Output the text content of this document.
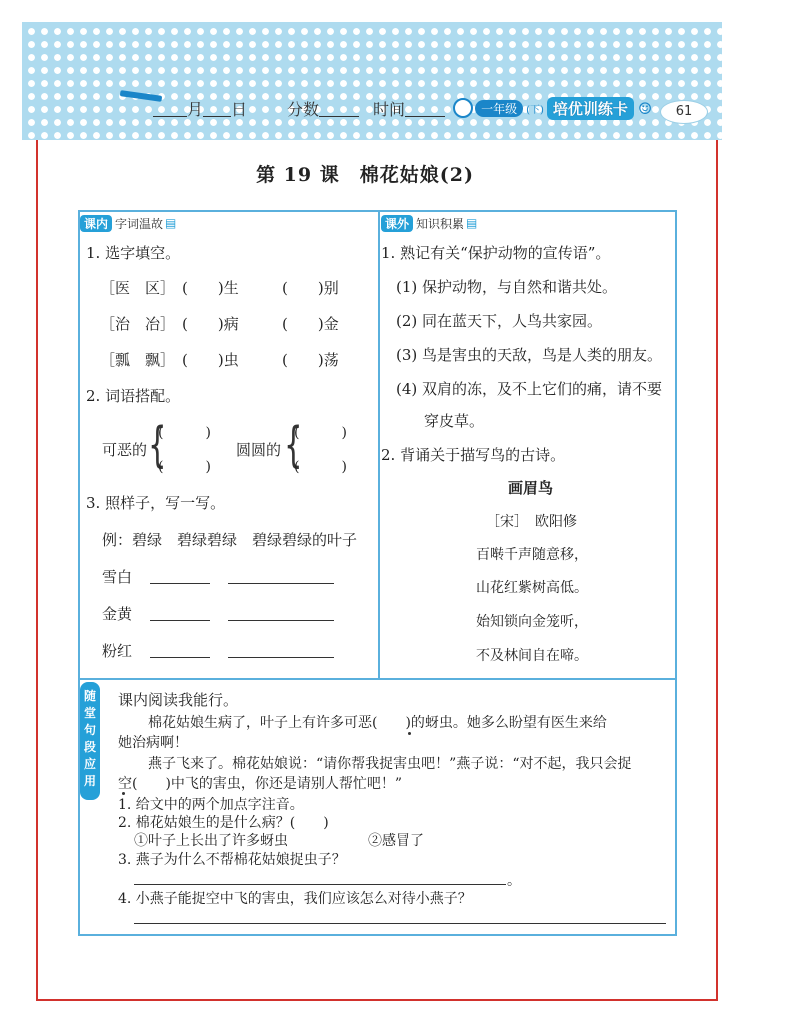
月 日	分数	时间	一年级 (下) 培优训练卡 ☺	61
第 19 课　棉花姑娘(2)
课内 字词温故 ▤
1. 选字填空。
［医　区］ (　　)生	(　　)别
［治　冶］ (　　)病	(　　)金
［瓢　飘］ (　　)虫	(　　)荡
2. 词语搭配。
可恶的 {
(　　　)
(　　　)
圆圆的 {
(　　　)
(　　　)
3. 照样子，写一写。
例：碧绿　碧绿碧绿　碧绿碧绿的叶子
雪白
金黄
粉红
课外 知识积累 ▤
1. 熟记有关“保护动物的宣传语”。
(1) 保护动物，与自然和谐共处。
(2) 同在蓝天下，人鸟共家园。
(3) 鸟是害虫的天敌，鸟是人类的朋友。
(4) 双肩的冻，及不上它们的痛，请不要
穿皮草。
2. 背诵关于描写鸟的古诗。
画眉鸟
［宋］　欧阳修
百啭千声随意移，
山花红紫树高低。
始知锁向金笼听，
不及林间自在啼。
随
堂
句
段
应
用
课内阅读我能行。
棉花姑娘生病了，叶子上有许多可恶(　　)的蚜虫。她多么盼望有医生来给
她治病啊！
燕子飞来了。棉花姑娘说：“请你帮我捉害虫吧！”燕子说：“对不起，我只会捉
空(　　)中飞的害虫，你还是请别人帮忙吧！”
1. 给文中的两个加点字注音。
2. 棉花姑娘生的是什么病？(　　)
①叶子上长出了许多蚜虫	②感冒了
3. 燕子为什么不帮棉花姑娘捉虫子？
。
4. 小燕子能捉空中飞的害虫，我们应该怎么对待小燕子？
